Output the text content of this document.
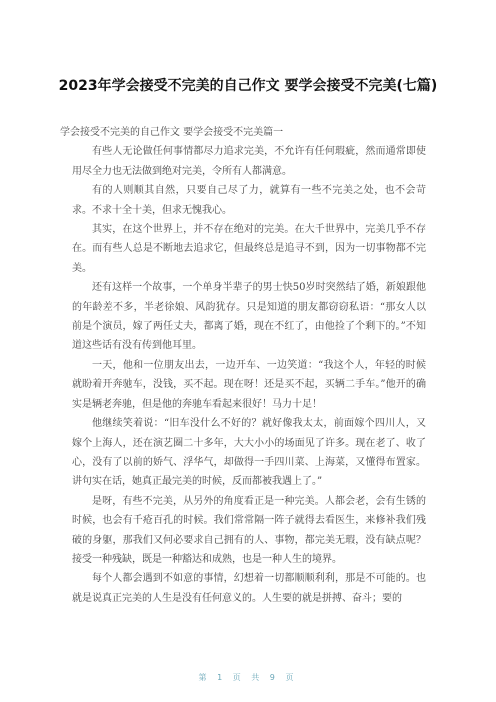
2023年学会接受不完美的自己作文 要学会接受不完美(七篇)

学会接受不完美的自己作文 要学会接受不完美篇一

有些人无论做任何事情都尽力追求完美，不允许有任何瑕疵，然而通常即使用尽全力也无法做到绝对完美，令所有人都满意。

有的人则顺其自然，只要自己尽了力，就算有一些不完美之处，也不会苛求。不求十全十美，但求无愧我心。

其实，在这个世界上，并不存在绝对的完美。在大千世界中，完美几乎不存在。而有些人总是不断地去追求它，但最终总是追寻不到，因为一切事物都不完美。

还有这样一个故事，一个单身半辈子的男士快50岁时突然结了婚，新娘跟他的年龄差不多，半老徐娘、风韵犹存。只是知道的朋友都窃窃私语：“那女人以前是个演员，嫁了两任丈夫，都离了婚，现在不红了，由他捡了个剩下的。”不知道这些话有没有传到他耳里。

一天，他和一位朋友出去，一边开车、一边笑道：“我这个人，年轻的时候就盼着开奔驰车，没钱，买不起。现在呀！还是买不起，买辆二手车。”他开的确实是辆老奔驰，但是他的奔驰车看起来很好！马力十足！

他继续笑着说：“旧车没什么不好的？就好像我太太，前面嫁个四川人，又嫁个上海人，还在演艺圈二十多年，大大小小的场面见了许多。现在老了、收了心，没有了以前的娇气、浮华气，却做得一手四川菜、上海菜，又懂得布置家。讲句实在话，她真正最完美的时候，反而都被我遇上了。”

是呀，有些不完美，从另外的角度看正是一种完美。人都会老，会有生锈的时候，也会有千疮百孔的时候。我们常常隔一阵子就得去看医生，来修补我们残破的身躯，那我们又何必要求自己拥有的人、事物，都完美无瑕，没有缺点呢？接受一种残缺，既是一种豁达和成熟，也是一种人生的境界。

每个人都会遇到不如意的事情，幻想着一切都顺顺利利，那是不可能的。也就是说真正完美的人生是没有任何意义的。人生要的就是拼搏、奋斗；要的

第 1 页 共 9 页
